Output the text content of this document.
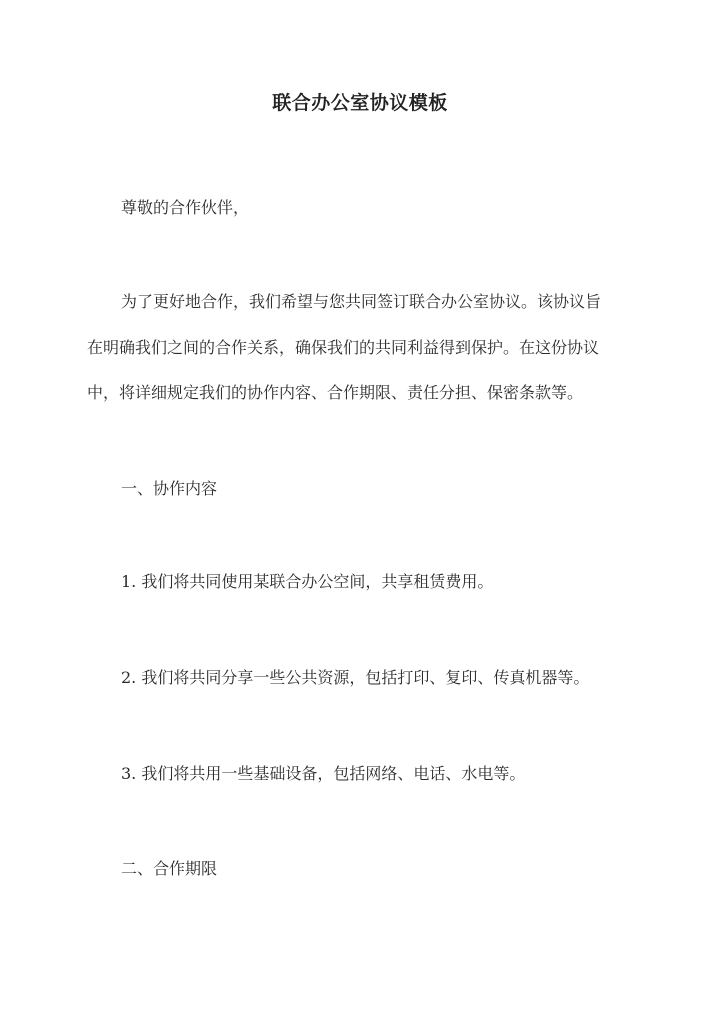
联合办公室协议模板
尊敬的合作伙伴，
为了更好地合作，我们希望与您共同签订联合办公室协议。该协议旨
在明确我们之间的合作关系，确保我们的共同利益得到保护。在这份协议
中，将详细规定我们的协作内容、合作期限、责任分担、保密条款等。
一、协作内容
1. 我们将共同使用某联合办公空间，共享租赁费用。
2. 我们将共同分享一些公共资源，包括打印、复印、传真机器等。
3. 我们将共用一些基础设备，包括网络、电话、水电等。
二、合作期限
